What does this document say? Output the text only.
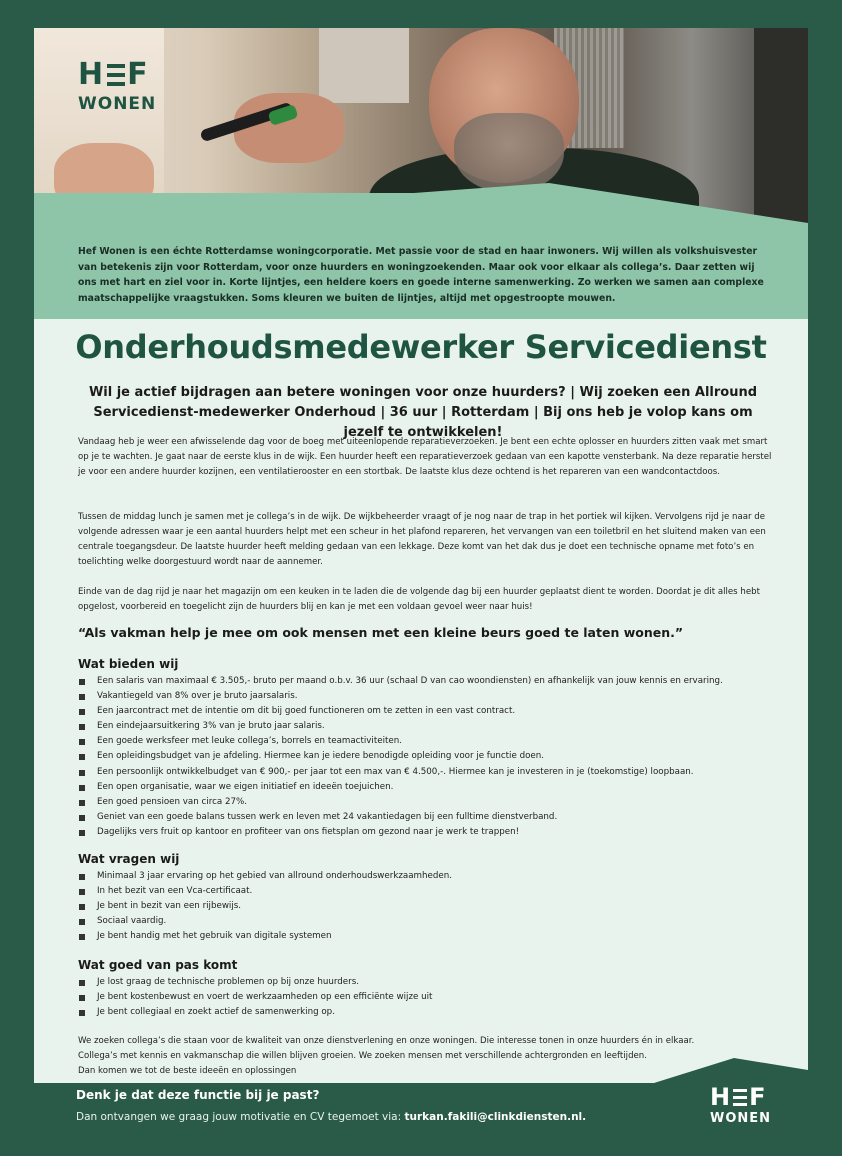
H F
WONEN

Hef Wonen is een échte Rotterdamse woningcorporatie. Met passie voor de stad en haar inwoners. Wij willen als volkshuisvester van betekenis zijn voor Rotterdam, voor onze huurders en woningzoekenden. Maar ook voor elkaar als collega’s. Daar zetten wij ons met hart en ziel voor in. Korte lijntjes, een heldere koers en goede interne samenwerking. Zo werken we samen aan complexe maatschappelijke vraagstukken. Soms kleuren we buiten de lijntjes, altijd met opgestroopte mouwen.

Onderhoudsmedewerker Servicedienst

Wil je actief bijdragen aan betere woningen voor onze huurders? | Wij zoeken een Allround Servicedienst-medewerker Onderhoud | 36 uur | Rotterdam | Bij ons heb je volop kans om jezelf te ontwikkelen!

Vandaag heb je weer een afwisselende dag voor de boeg met uiteenlopende reparatieverzoeken. Je bent een echte oplosser en huurders zitten vaak met smart op je te wachten. Je gaat naar de eerste klus in de wijk. Een huurder heeft een reparatieverzoek gedaan van een kapotte vensterbank. Na deze reparatie herstel je voor een andere huurder kozijnen, een ventilatierooster en een stortbak. De laatste klus deze ochtend is het repareren van een wandcontactdoos.

Tussen de middag lunch je samen met je collega’s in de wijk. De wijkbeheerder vraagt of je nog naar de trap in het portiek wil kijken. Vervolgens rijd je naar de volgende adressen waar je een aantal huurders helpt met een scheur in het plafond repareren, het vervangen van een toiletbril en het sluitend maken van een centrale toegangsdeur. De laatste huurder heeft melding gedaan van een lekkage. Deze komt van het dak dus je doet een technische opname met foto’s en toelichting welke doorgestuurd wordt naar de aannemer.

Einde van de dag rijd je naar het magazijn om een keuken in te laden die de volgende dag bij een huurder geplaatst dient te worden. Doordat je dit alles hebt opgelost, voorbereid en toegelicht zijn de huurders blij en kan je met een voldaan gevoel weer naar huis!

“Als vakman help je mee om ook mensen met een kleine beurs goed te laten wonen.”

Wat bieden wij
Een salaris van maximaal € 3.505,- bruto per maand o.b.v. 36 uur (schaal D van cao woondiensten) en afhankelijk van jouw kennis en ervaring.
Vakantiegeld van 8% over je bruto jaarsalaris.
Een jaarcontract met de intentie om dit bij goed functioneren om te zetten in een vast contract.
Een eindejaarsuitkering 3% van je bruto jaar salaris.
Een goede werksfeer met leuke collega’s, borrels en teamactiviteiten.
Een opleidingsbudget van je afdeling. Hiermee kan je iedere benodigde opleiding voor je functie doen.
Een persoonlijk ontwikkelbudget van € 900,- per jaar tot een max van € 4.500,-. Hiermee kan je investeren in je (toekomstige) loopbaan.
Een open organisatie, waar we eigen initiatief en ideeën toejuichen.
Een goed pensioen van circa 27%.
Geniet van een goede balans tussen werk en leven met 24 vakantiedagen bij een fulltime dienstverband.
Dagelijks vers fruit op kantoor en profiteer van ons fietsplan om gezond naar je werk te trappen!
Wat vragen wij
Minimaal 3 jaar ervaring op het gebied van allround onderhoudswerkzaamheden.
In het bezit van een Vca-certificaat.
Je bent in bezit van een rijbewijs.
Sociaal vaardig.
Je bent handig met het gebruik van digitale systemen
Wat goed van pas komt
Je lost graag de technische problemen op bij onze huurders.
Je bent kostenbewust en voert de werkzaamheden op een efficiënte wijze uit
Je bent collegiaal en zoekt actief de samenwerking op.

We zoeken collega’s die staan voor de kwaliteit van onze dienstverlening en onze woningen. Die interesse tonen in onze huurders én in elkaar.

Collega’s met kennis en vakmanschap die willen blijven groeien. We zoeken mensen met verschillende achtergronden en leeftijden.

Dan komen we tot de beste ideeën en oplossingen

Denk je dat deze functie bij je past?

Dan ontvangen we graag jouw motivatie en CV tegemoet via: turkan.fakili@clinkdiensten.nl.

H F
WONEN
